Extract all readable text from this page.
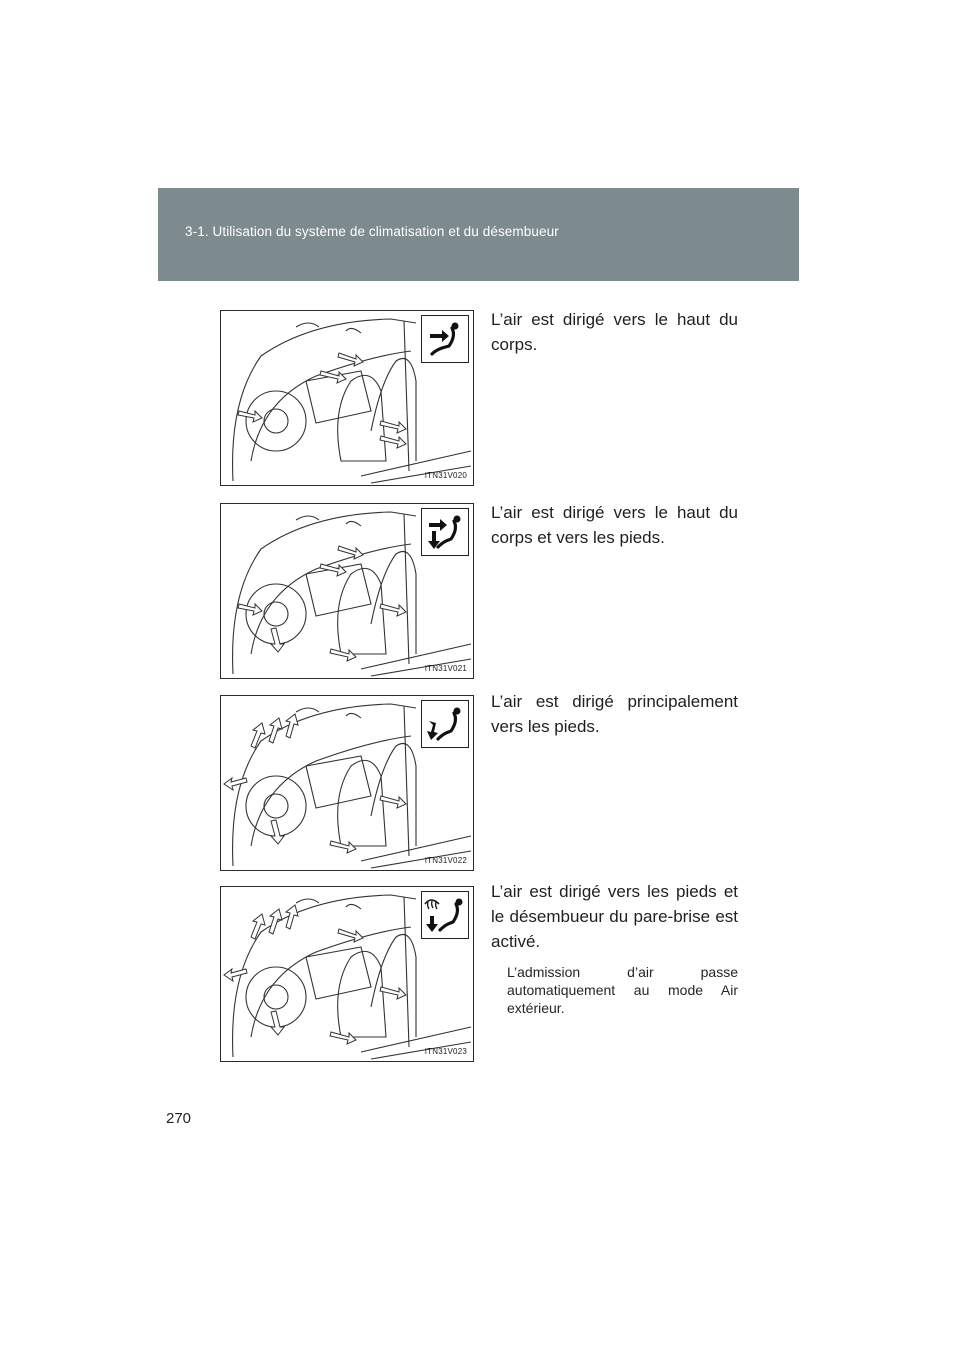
3-1. Utilisation du système de climatisation et du désembueur
ITN31V020
L’air est dirigé vers le haut du corps.
ITN31V021
L’air est dirigé vers le haut du corps et vers les pieds.
ITN31V022
L’air est dirigé principalement vers les pieds.
ITN31V023
L’air est dirigé vers les pieds et le désembueur du pare-brise est activé.
L’admission d’air passe automatiquement au mode Air extérieur.
270
